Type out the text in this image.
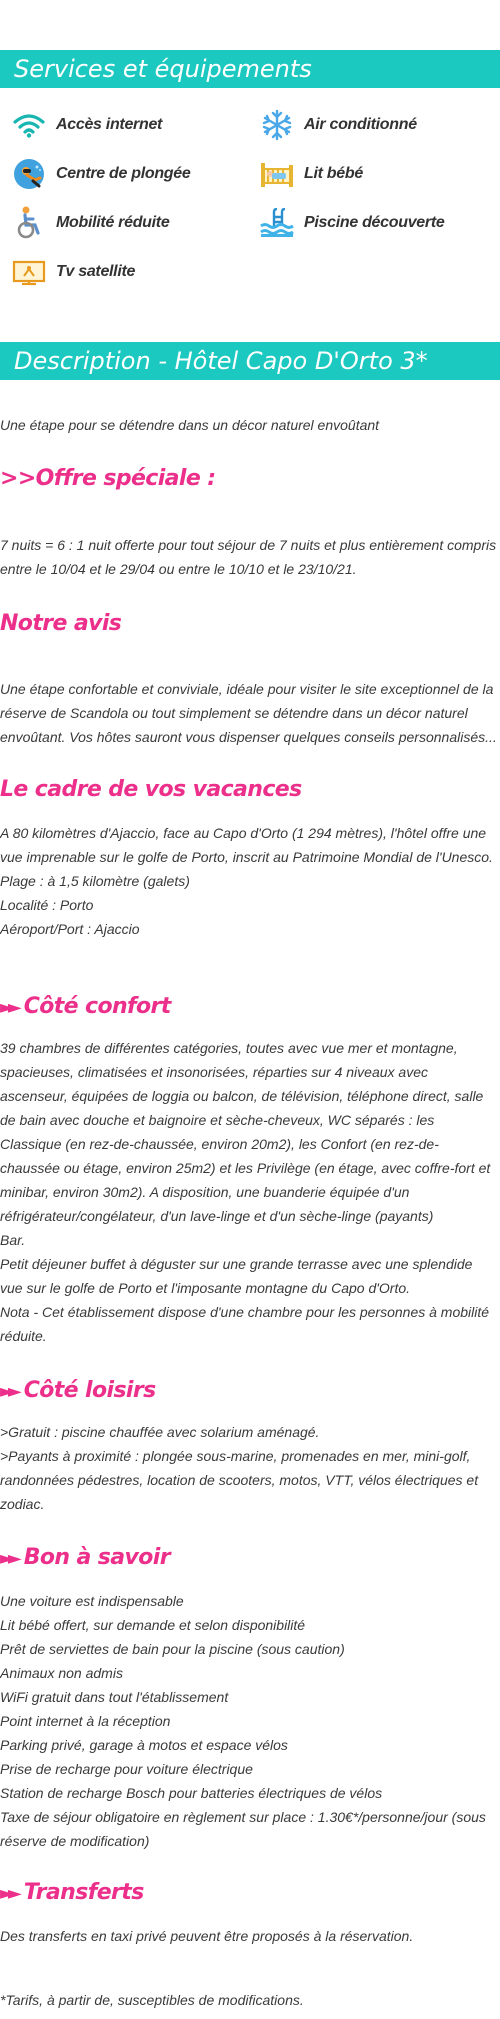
Services et équipements
Accès internet	Air conditionné
Centre de plongée	Lit bébé
Mobilité réduite	Piscine découverte
Tv satellite
Description - Hôtel Capo D'Orto 3*
Une étape pour se détendre dans un décor naturel envoûtant
>>Offre spéciale :
7 nuits = 6 : 1 nuit offerte pour tout séjour de 7 nuits et plus entièrement compris entre le 10/04 et le 29/04 ou entre le 10/10 et le 23/10/21.
Notre avis
Une étape confortable et conviviale, idéale pour visiter le site exceptionnel de la réserve de Scandola ou tout simplement se détendre dans un décor naturel envoûtant. Vos hôtes sauront vous dispenser quelques conseils personnalisés...
Le cadre de vos vacances
A 80 kilomètres d'Ajaccio, face au Capo d'Orto (1 294 mètres), l'hôtel offre une vue imprenable sur le golfe de Porto, inscrit au Patrimoine Mondial de l'Unesco.
Plage : à 1,5 kilomètre (galets)
Localité : Porto
Aéroport/Port : Ajaccio
►► Côté confort
39 chambres de différentes catégories, toutes avec vue mer et montagne, spacieuses, climatisées et insonorisées, réparties sur 4 niveaux avec ascenseur, équipées de loggia ou balcon, de télévision, téléphone direct, salle de bain avec douche et baignoire et sèche-cheveux, WC séparés : les Classique (en rez-de-chaussée, environ 20m2), les Confort (en rez-de-chaussée ou étage, environ 25m2) et les Privilège (en étage, avec coffre-fort et minibar, environ 30m2). A disposition, une buanderie équipée d'un réfrigérateur/congélateur, d'un lave-linge et d'un sèche-linge (payants)
Bar.
Petit déjeuner buffet à déguster sur une grande terrasse avec une splendide vue sur le golfe de Porto et l'imposante montagne du Capo d'Orto.
Nota - Cet établissement dispose d'une chambre pour les personnes à mobilité réduite.
►► Côté loisirs
>Gratuit : piscine chauffée avec solarium aménagé.
>Payants à proximité : plongée sous-marine, promenades en mer, mini-golf, randonnées pédestres, location de scooters, motos, VTT, vélos électriques et zodiac.
►► Bon à savoir
Une voiture est indispensable
Lit bébé offert, sur demande et selon disponibilité
Prêt de serviettes de bain pour la piscine (sous caution)
Animaux non admis
WiFi gratuit dans tout l'établissement
Point internet à la réception
Parking privé, garage à motos et espace vélos
Prise de recharge pour voiture électrique
Station de recharge Bosch pour batteries électriques de vélos
Taxe de séjour obligatoire en règlement sur place : 1.30€*/personne/jour (sous réserve de modification)
►► Transferts
Des transferts en taxi privé peuvent être proposés à la réservation.
*Tarifs, à partir de, susceptibles de modifications.
